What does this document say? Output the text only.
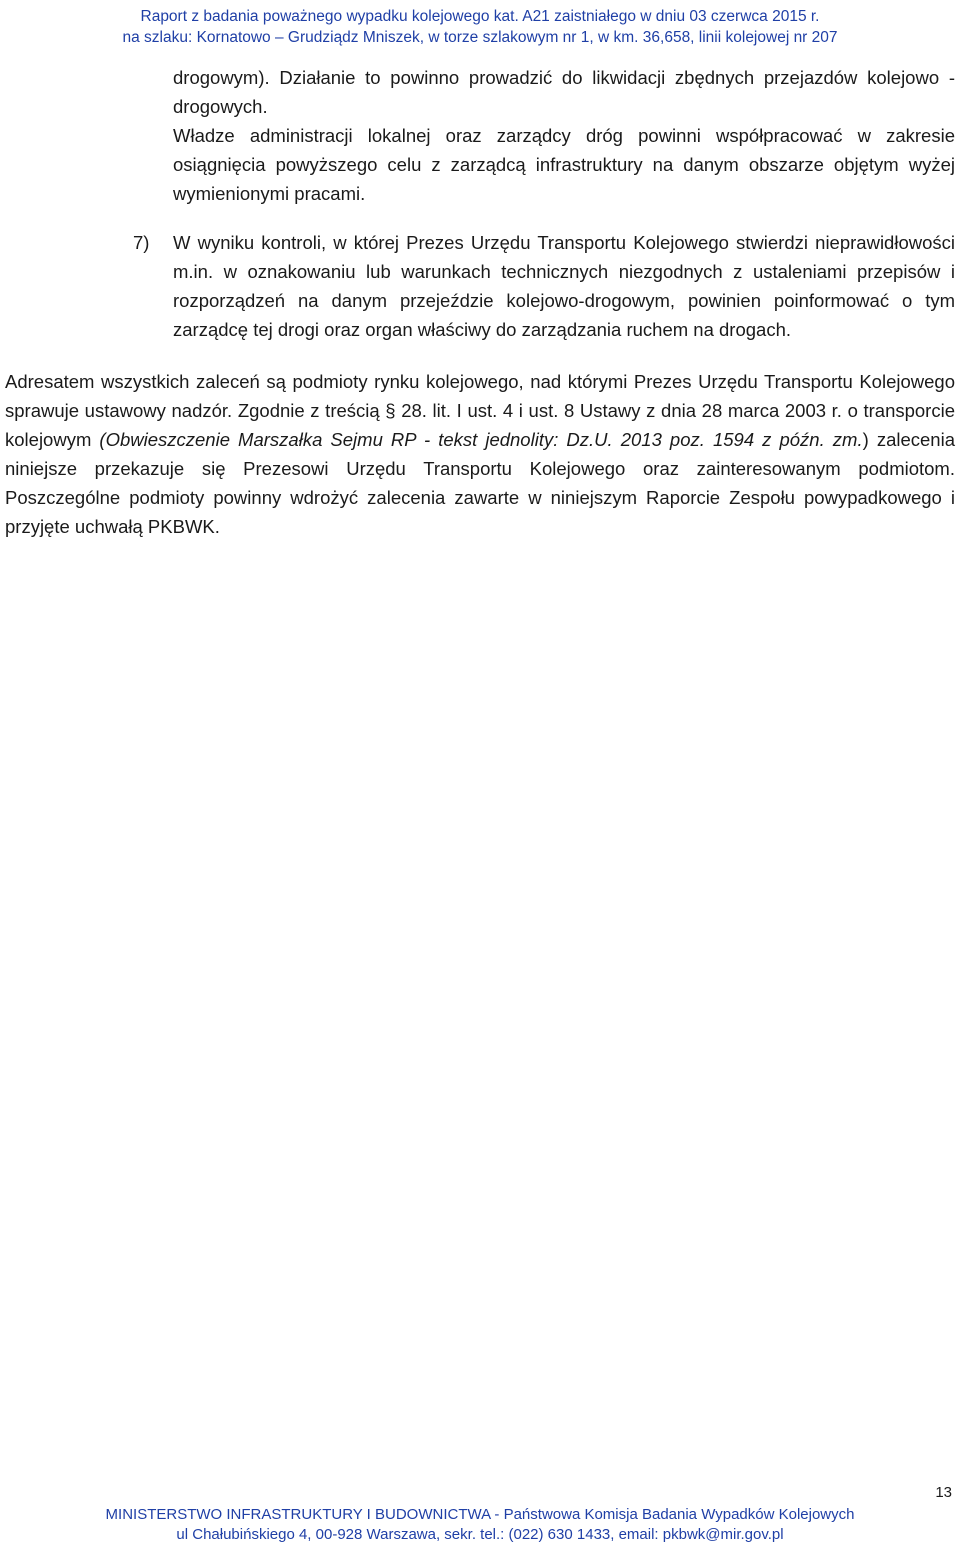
Raport z badania poważnego wypadku kolejowego kat. A21 zaistniałego w dniu 03 czerwca 2015 r.
na szlaku: Kornatowo – Grudziądz Mniszek, w torze szlakowym nr 1, w km. 36,658, linii kolejowej nr 207
drogowym). Działanie to powinno prowadzić do likwidacji zbędnych przejazdów kolejowo - drogowych.
Władze administracji lokalnej oraz zarządcy dróg powinni współpracować w zakresie osiągnięcia powyższego celu z zarządcą infrastruktury na danym obszarze objętym wyżej wymienionymi pracami.
7) W wyniku kontroli, w której Prezes Urzędu Transportu Kolejowego stwierdzi nieprawidłowości m.in. w oznakowaniu lub warunkach technicznych niezgodnych z ustaleniami przepisów i rozporządzeń na danym przejeździe kolejowo-drogowym, powinien poinformować o tym zarządcę tej drogi oraz organ właściwy do zarządzania ruchem na drogach.
Adresatem wszystkich zaleceń są podmioty rynku kolejowego, nad którymi Prezes Urzędu Transportu Kolejowego sprawuje ustawowy nadzór. Zgodnie z treścią § 28. lit. I ust. 4 i ust. 8 Ustawy z dnia 28 marca 2003 r. o transporcie kolejowym (Obwieszczenie Marszałka Sejmu RP - tekst jednolity: Dz.U. 2013 poz. 1594 z późn. zm.) zalecenia niniejsze przekazuje się Prezesowi Urzędu Transportu Kolejowego oraz zainteresowanym podmiotom. Poszczególne podmioty powinny wdrożyć zalecenia zawarte w niniejszym Raporcie Zespołu powypadkowego i przyjęte uchwałą PKBWK.
13
MINISTERSTWO INFRASTRUKTURY I BUDOWNICTWA - Państwowa Komisja Badania Wypadków Kolejowych
ul Chałubińskiego 4, 00-928 Warszawa, sekr. tel.: (022) 630 1433, email: pkbwk@mir.gov.pl
